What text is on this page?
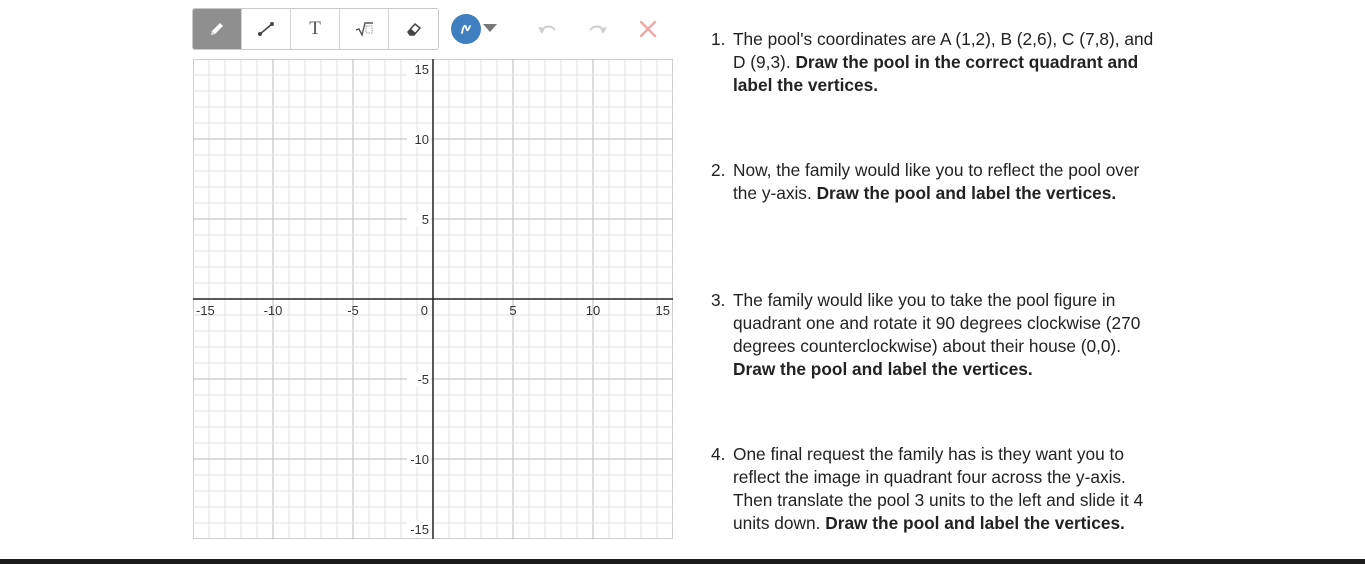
T
-15	-10	-5	0	5	10	15
15
10
5
-5
-10
-15
1. The pool's coordinates are A (1,2), B (2,6), C (7,8), and D (9,3). Draw the pool in the correct quadrant and label the vertices.
2. Now, the family would like you to reflect the pool over the y-axis. Draw the pool and label the vertices.
3. The family would like you to take the pool figure in quadrant one and rotate it 90 degrees clockwise (270 degrees counterclockwise) about their house (0,0). Draw the pool and label the vertices.
4. One final request the family has is they want you to reflect the image in quadrant four across the y-axis. Then translate the pool 3 units to the left and slide it 4 units down. Draw the pool and label the vertices.
